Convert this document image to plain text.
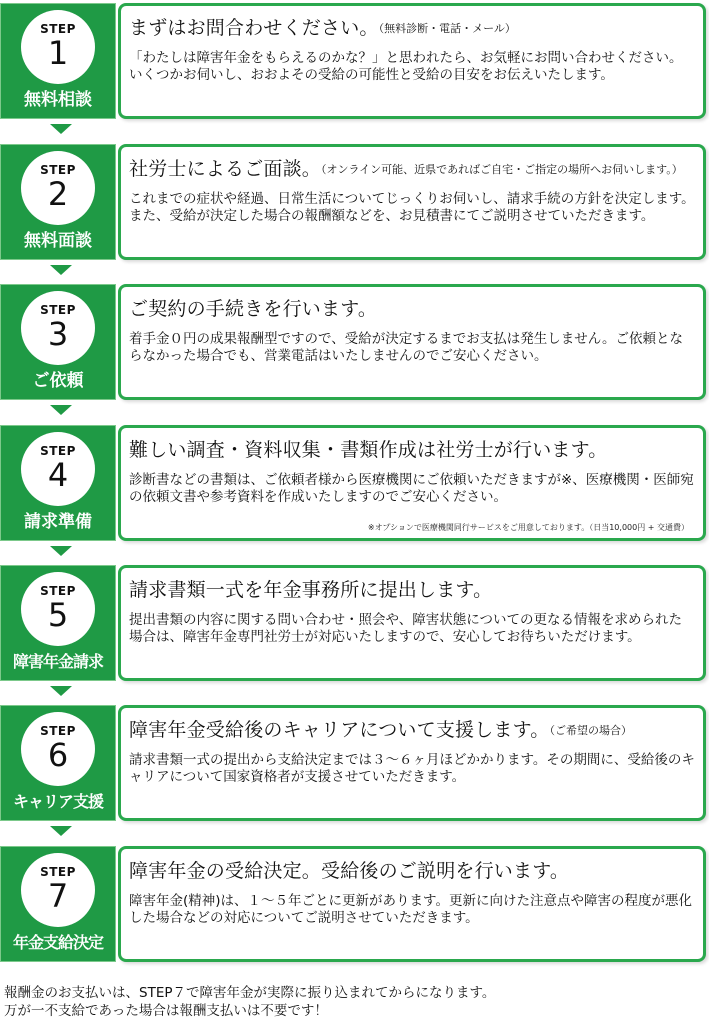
STEP
1
無料相談
まずはお問合わせください。（無料診断・電話・メール）

「わたしは障害年金をもらえるのかな？」と思われたら、お気軽にお問い合わせください。いくつかお伺いし、おおよその受給の可能性と受給の目安をお伝えいたします。

STEP
2
無料面談
社労士によるご面談。（オンライン可能、近県であればご自宅・ご指定の場所へお伺いします。）

これまでの症状や経過、日常生活についてじっくりお伺いし、請求手続の方針を決定します。また、受給が決定した場合の報酬額などを、お見積書にてご説明させていただきます。

STEP
3
ご依頼
ご契約の手続きを行います。

着手金０円の成果報酬型ですので、受給が決定するまでお支払は発生しません。ご依頼とならなかった場合でも、営業電話はいたしませんのでご安心ください。

STEP
4
請求準備
難しい調査・資料収集・書類作成は社労士が行います。

診断書などの書類は、ご依頼者様から医療機関にご依頼いただきますが※、医療機関・医師宛の依頼文書や参考資料を作成いたしますのでご安心ください。

※オプションで医療機関同行サービスをご用意しております。（日当10,000円 + 交通費）
STEP
5
障害年金請求
請求書類一式を年金事務所に提出します。

提出書類の内容に関する問い合わせ・照会や、障害状態についての更なる情報を求められた場合は、障害年金専門社労士が対応いたしますので、安心してお待ちいただけます。

STEP
6
キャリア支援
障害年金受給後のキャリアについて支援します。（ご希望の場合）

請求書類一式の提出から支給決定までは３～６ヶ月ほどかかります。その期間に、受給後のキャリアについて国家資格者が支援させていただきます。

STEP
7
年金支給決定
障害年金の受給決定。受給後のご説明を行います。

障害年金(精神)は、１～５年ごとに更新があります。更新に向けた注意点や障害の程度が悪化した場合などの対応についてご説明させていただきます。

報酬金のお支払いは、STEP７で障害年金が実際に振り込まれてからになります。
万が一不支給であった場合は報酬支払いは不要です！
